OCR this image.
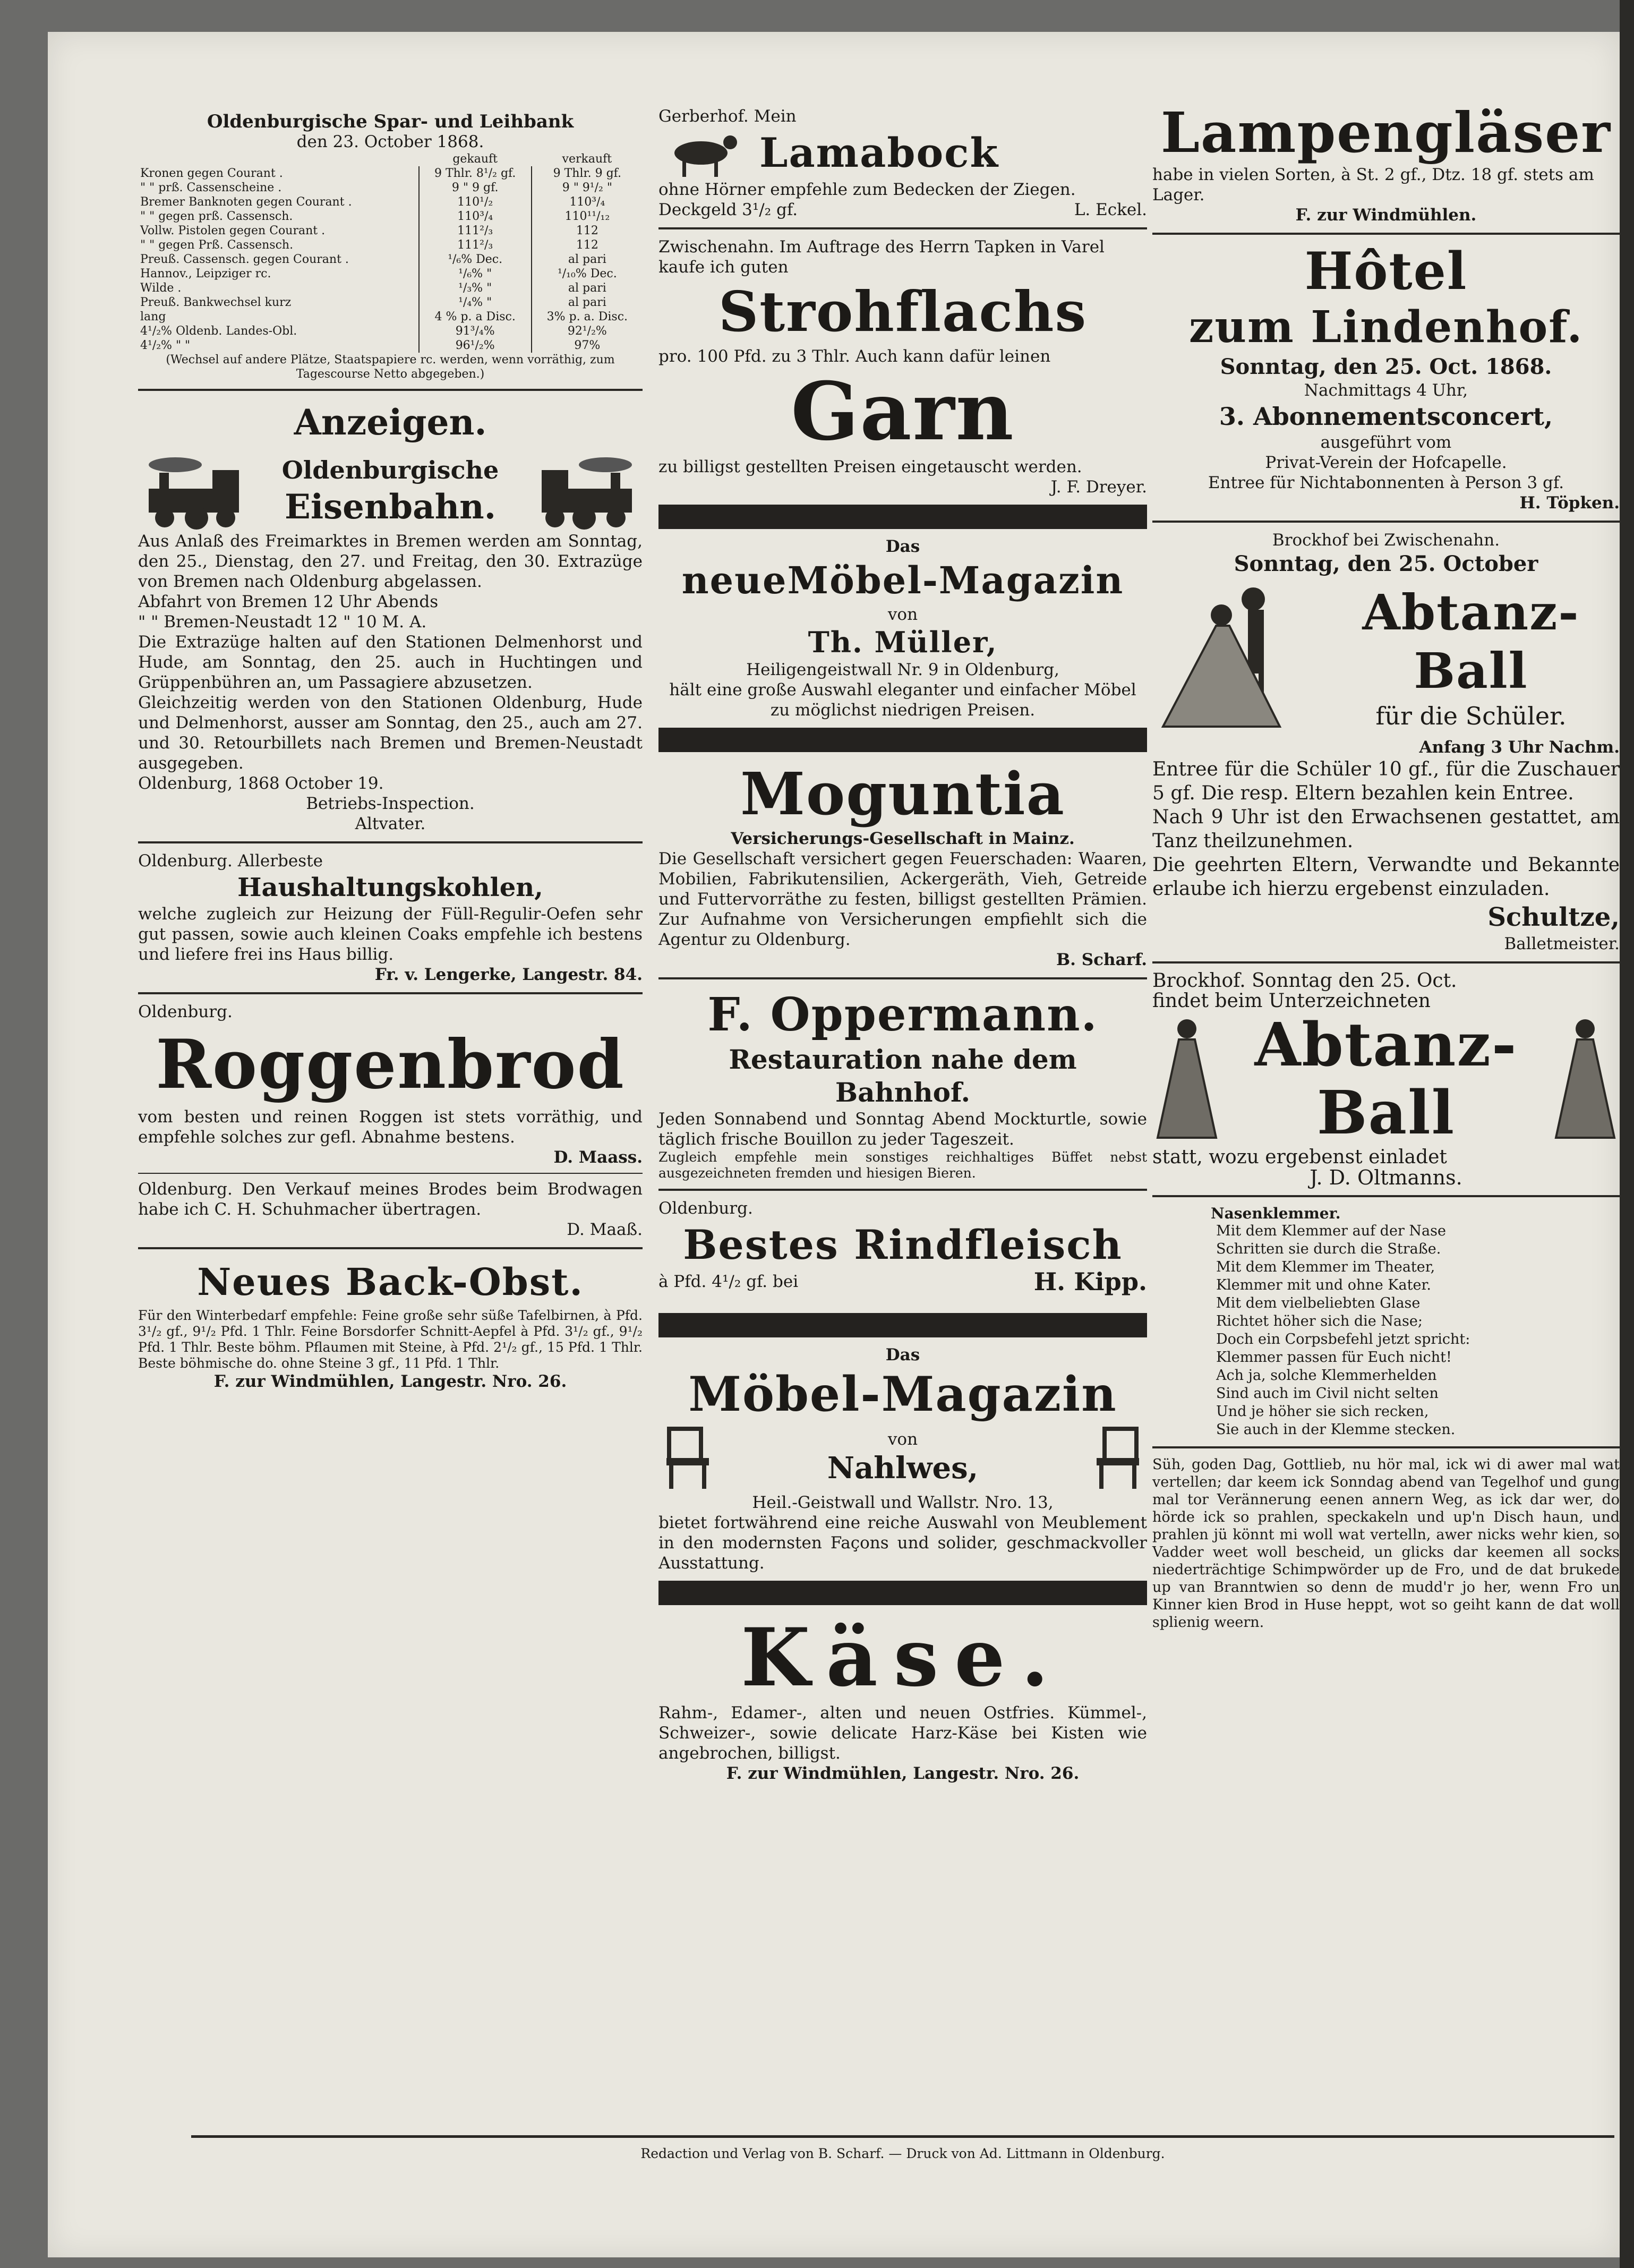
Oldenburgische Spar- und Leihbank
den 23. October 1868.
	gekauft	verkauft
Kronen gegen Courant .	9 Thlr. 8¹/₂ gf.	9 Thlr. 9 gf.
" " prß. Cassenscheine .	9 " 9 gf.	9 " 9¹/₂ "
Bremer Banknoten gegen Courant .	110¹/₂	110³/₄
" " gegen prß. Cassensch.	110³/₄	110¹¹/₁₂
Vollw. Pistolen gegen Courant .	111²/₃	112
" " gegen Prß. Cassensch.	111²/₃	112
Preuß. Cassensch. gegen Courant .	¹/₆% Dec.	al pari
Hannov., Leipziger rc.	¹/₆% "	¹/₁₀% Dec.
Wilde .	¹/₃% "	al pari
Preuß. Bankwechsel kurz	¹/₄% "	al pari
lang	4 % p. a Disc.	3% p. a. Disc.
4¹/₂% Oldenb. Landes-Obl.	91³/₄%	92¹/₂%
4¹/₂% " "	96¹/₂%	97%
(Wechsel auf andere Plätze, Staatspapiere rc. werden, wenn vorräthig, zum Tagescourse Netto abgegeben.)
Anzeigen.
Oldenburgische
Eisenbahn.
Aus Anlaß des Freimarktes in Bremen werden am Sonntag, den 25., Dienstag, den 27. und Freitag, den 30. Extrazüge von Bremen nach Oldenburg abgelassen.
Abfahrt von Bremen 12 Uhr Abends
" " Bremen-Neustadt 12 " 10 M. A.
Die Extrazüge halten auf den Stationen Delmenhorst und Hude, am Sonntag, den 25. auch in Huchtingen und Grüppenbühren an, um Passagiere abzusetzen.
Gleichzeitig werden von den Stationen Oldenburg, Hude und Delmenhorst, ausser am Sonntag, den 25., auch am 27. und 30. Retourbillets nach Bremen und Bremen-Neustadt ausgegeben.
Oldenburg, 1868 October 19.
Betriebs-Inspection.
Altvater.
Oldenburg. Allerbeste
Haushaltungskohlen,
welche zugleich zur Heizung der Füll-Regulir-Oefen sehr gut passen, sowie auch kleinen Coaks empfehle ich bestens und liefere frei ins Haus billig.
Fr. v. Lengerke, Langestr. 84.
Oldenburg.
Roggenbrod
vom besten und reinen Roggen ist stets vorräthig, und empfehle solches zur gefl. Abnahme bestens.
D. Maass.
Oldenburg. Den Verkauf meines Brodes beim Brodwagen habe ich C. H. Schuhmacher übertragen.
D. Maaß.
Neues Back-Obst.
Für den Winterbedarf empfehle: Feine große sehr süße Tafelbirnen, à Pfd. 3¹/₂ gf., 9¹/₂ Pfd. 1 Thlr. Feine Borsdorfer Schnitt-Aepfel à Pfd. 3¹/₂ gf., 9¹/₂ Pfd. 1 Thlr. Beste böhm. Pflaumen mit Steine, à Pfd. 2¹/₂ gf., 15 Pfd. 1 Thlr. Beste böhmische do. ohne Steine 3 gf., 11 Pfd. 1 Thlr.
F. zur Windmühlen, Langestr. Nro. 26.
Gerberhof. Mein
Lamabock
ohne Hörner empfehle zum Bedecken der Ziegen.
Deckgeld 3¹/₂ gf.	L. Eckel.
Zwischenahn. Im Auftrage des Herrn Tapken in Varel kaufe ich guten
Strohflachs
pro. 100 Pfd. zu 3 Thlr. Auch kann dafür leinen
Garn
zu billigst gestellten Preisen eingetauscht werden.
J. F. Dreyer.
Das
neueMöbel-Magazin
von
Th. Müller,
Heiligengeistwall Nr. 9 in Oldenburg,
hält eine große Auswahl eleganter und einfacher Möbel zu möglichst niedrigen Preisen.
Moguntia
Versicherungs-Gesellschaft in Mainz.
Die Gesellschaft versichert gegen Feuerschaden: Waaren, Mobilien, Fabrikutensilien, Ackergeräth, Vieh, Getreide und Futtervorräthe zu festen, billigst gestellten Prämien. Zur Aufnahme von Versicherungen empfiehlt sich die Agentur zu Oldenburg.
B. Scharf.
F. Oppermann.
Restauration nahe dem Bahnhof.
Jeden Sonnabend und Sonntag Abend Mockturtle, sowie täglich frische Bouillon zu jeder Tageszeit.
Zugleich empfehle mein sonstiges reichhaltiges Büffet nebst ausgezeichneten fremden und hiesigen Bieren.
Oldenburg.
Bestes Rindfleisch
à Pfd. 4¹/₂ gf. bei	H. Kipp.
Das
Möbel-Magazin
von
Nahlwes,
Heil.-Geistwall und Wallstr. Nro. 13,
bietet fortwährend eine reiche Auswahl von Meublement in den modernsten Façons und solider, geschmackvoller Ausstattung.
Käse.
Rahm-, Edamer-, alten und neuen Ostfries. Kümmel-, Schweizer-, sowie delicate Harz-Käse bei Kisten wie angebrochen, billigst.
F. zur Windmühlen, Langestr. Nro. 26.
Lampengläser
habe in vielen Sorten, à St. 2 gf., Dtz. 18 gf. stets am Lager.
F. zur Windmühlen.
Hôtel
zum Lindenhof.
Sonntag, den 25. Oct. 1868.
Nachmittags 4 Uhr,
3. Abonnementsconcert,
ausgeführt vom
Privat-Verein der Hofcapelle.
Entree für Nichtabonnenten à Person 3 gf.
H. Töpken.
Brockhof bei Zwischenahn.
Sonntag, den 25. October
Abtanz-
Ball
für die Schüler.
Anfang 3 Uhr Nachm.
Entree für die Schüler 10 gf., für die Zuschauer 5 gf. Die resp. Eltern bezahlen kein Entree.
Nach 9 Uhr ist den Erwachsenen gestattet, am Tanz theilzunehmen.
Die geehrten Eltern, Verwandte und Bekannte erlaube ich hierzu ergebenst einzuladen.
Schultze,
Balletmeister.
Brockhof. Sonntag den 25. Oct.
findet beim Unterzeichneten
Abtanz-
Ball
statt, wozu ergebenst einladet
J. D. Oltmanns.
Nasenklemmer.
Mit dem Klemmer auf der Nase
Schritten sie durch die Straße.
Mit dem Klemmer im Theater,
Klemmer mit und ohne Kater.
Mit dem vielbeliebten Glase
Richtet höher sich die Nase;
Doch ein Corpsbefehl jetzt spricht:
Klemmer passen für Euch nicht!
Ach ja, solche Klemmerhelden
Sind auch im Civil nicht selten
Und je höher sie sich recken,
Sie auch in der Klemme stecken.
Süh, goden Dag, Gottlieb, nu hör mal, ick wi di awer mal wat vertellen; dar keem ick Sonndag abend van Tegelhof und gung mal tor Verännerung eenen annern Weg, as ick dar wer, do hörde ick so prahlen, speckakeln und up'n Disch haun, und prahlen jü könnt mi woll wat vertelln, awer nicks wehr kien, so Vadder weet woll bescheid, un glicks dar keemen all socks niederträchtige Schimpwörder up de Fro, und de dat brukede up van Branntwien so denn de mudd'r jo her, wenn Fro un Kinner kien Brod in Huse heppt, wot so geiht kann de dat woll splienig weern.
Redaction und Verlag von B. Scharf. — Druck von Ad. Littmann in Oldenburg.
